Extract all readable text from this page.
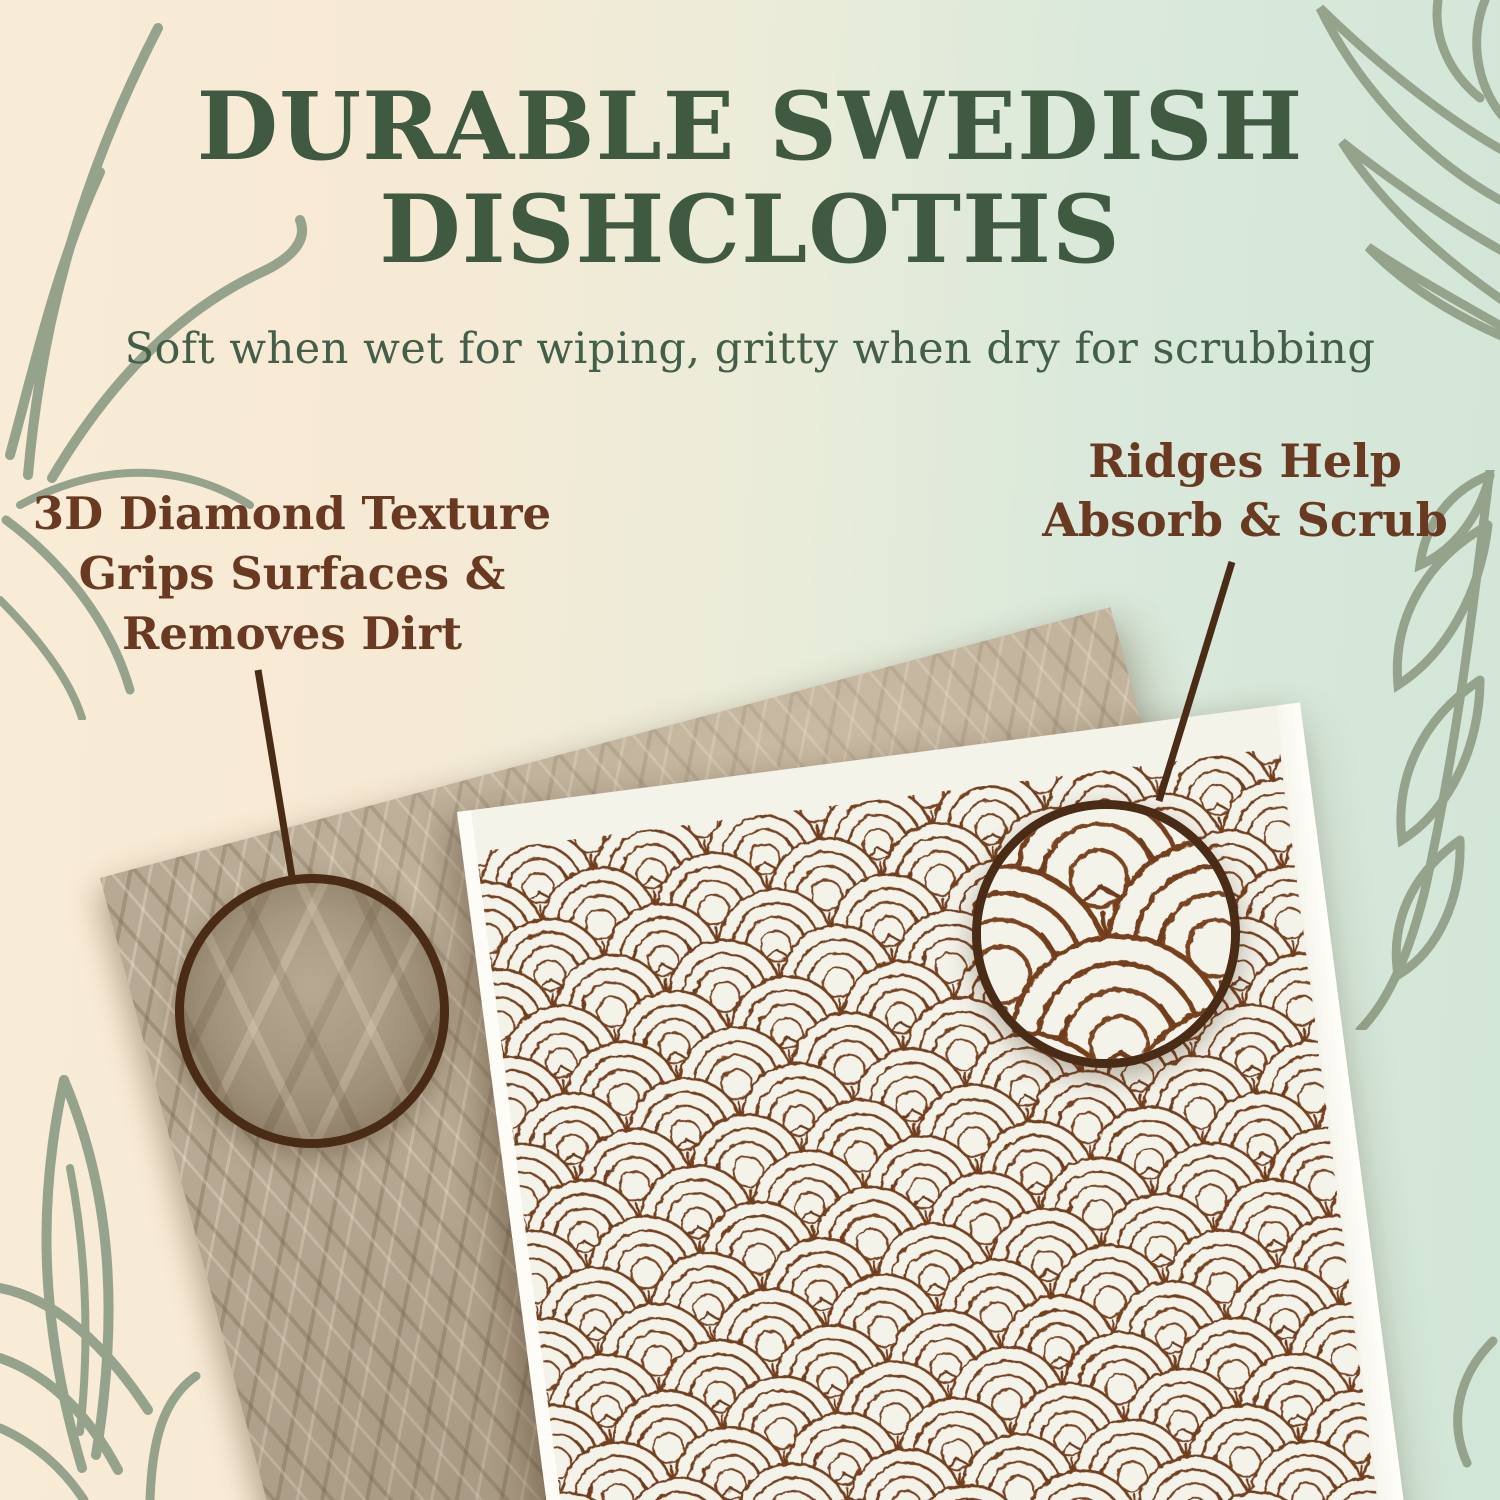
DURABLE SWEDISH
DISHCLOTHS
Soft when wet for wiping, gritty when dry for scrubbing
3D Diamond Texture
Grips Surfaces &
Removes Dirt
Ridges Help
Absorb & Scrub
